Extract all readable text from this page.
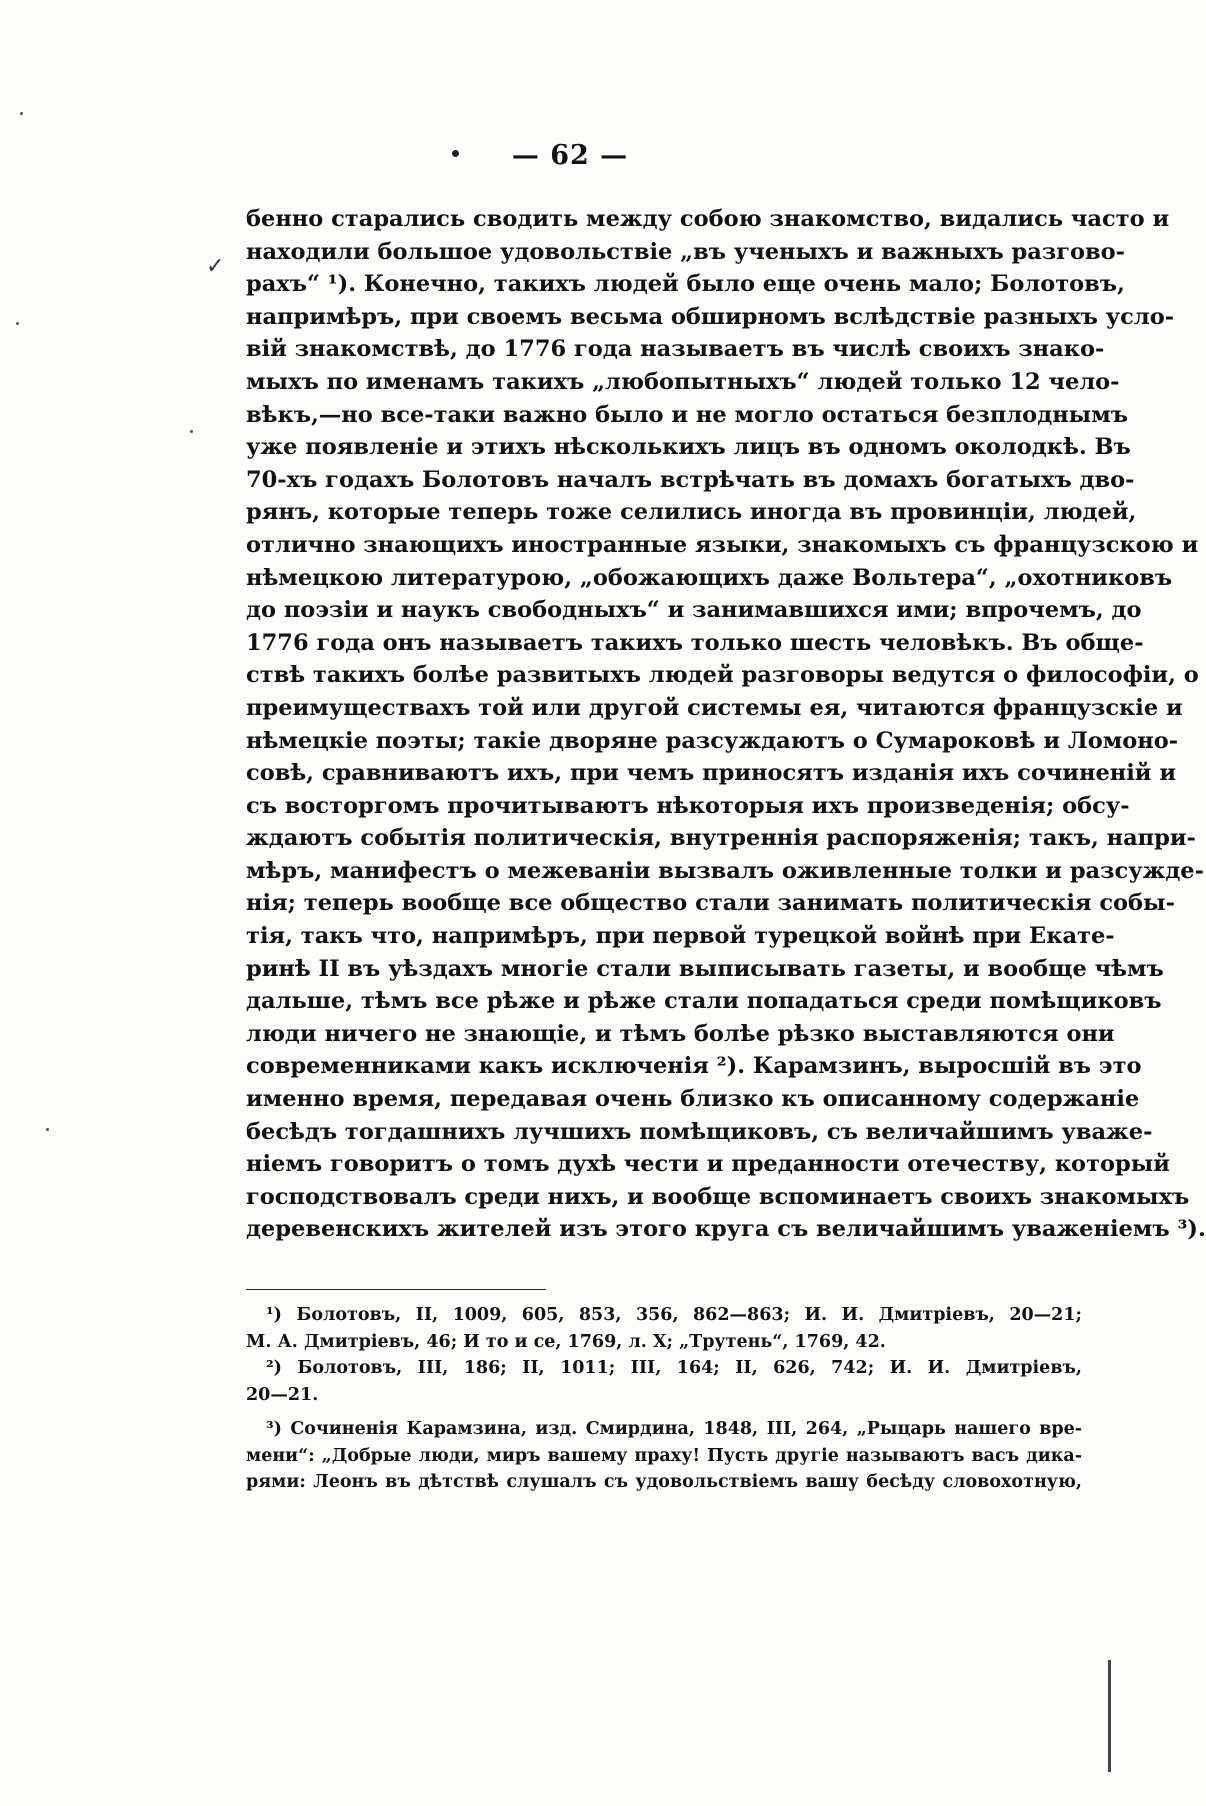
— 62 —
✓
бенно старались сводить между собою знакомство, видались часто и
находили большое удовольствіе „въ ученыхъ и важныхъ разгово-
рахъ“ ¹). Конечно, такихъ людей было еще очень мало; Болотовъ,
напримѣръ, при своемъ весьма обширномъ вслѣдствіе разныхъ усло-
вій знакомствѣ, до 1776 года называетъ въ числѣ своихъ знако-
мыхъ по именамъ такихъ „любопытныхъ“ людей только 12 чело-
вѣкъ,—но все-таки важно было и не могло остаться безплоднымъ
уже появленіе и этихъ нѣсколькихъ лицъ въ одномъ околодкѣ. Въ
70-хъ годахъ Болотовъ началъ встрѣчать въ домахъ богатыхъ дво-
рянъ, которые теперь тоже селились иногда въ провинціи, людей,
отлично знающихъ иностранные языки, знакомыхъ съ французскою и
нѣмецкою литературою, „обожающихъ даже Вольтера“, „охотниковъ
до поэзіи и наукъ свободныхъ“ и занимавшихся ими; впрочемъ, до
1776 года онъ называетъ такихъ только шесть человѣкъ. Въ обще-
ствѣ такихъ болѣе развитыхъ людей разговоры ведутся о философіи, о
преимуществахъ той или другой системы ея, читаются французскіе и
нѣмецкіе поэты; такіе дворяне разсуждаютъ о Сумароковѣ и Ломоно-
совѣ, сравниваютъ ихъ, при чемъ приносятъ изданія ихъ сочиненій и
съ восторгомъ прочитываютъ нѣкоторыя ихъ произведенія; обсу-
ждаютъ событія политическія, внутреннія распоряженія; такъ, напри-
мѣръ, манифестъ о межеваніи вызвалъ оживленные толки и разсужде-
нія; теперь вообще все общество стали занимать политическія собы-
тія, такъ что, напримѣръ, при первой турецкой войнѣ при Екате-
ринѣ II въ уѣздахъ многіе стали выписывать газеты, и вообще чѣмъ
дальше, тѣмъ все рѣже и рѣже стали попадаться среди помѣщиковъ
люди ничего не знающіе, и тѣмъ болѣе рѣзко выставляются они
современниками какъ исключенія ²). Карамзинъ, выросшій въ это
именно время, передавая очень близко къ описанному содержаніе
бесѣдъ тогдашнихъ лучшихъ помѣщиковъ, съ величайшимъ уваже-
ніемъ говоритъ о томъ духѣ чести и преданности отечеству, который
господствовалъ среди нихъ, и вообще вспоминаетъ своихъ знакомыхъ
деревенскихъ жителей изъ этого круга съ величайшимъ уваженіемъ ³).
¹) Болотовъ, II, 1009, 605, 853, 356, 862—863; И. И. Дмитріевъ, 20—21;
М. А. Дмитріевъ, 46; И то и се, 1769, л. X; „Трутень“, 1769, 42.
²) Болотовъ, III, 186; II, 1011; III, 164; II, 626, 742; И. И. Дмитріевъ,
20—21.
³) Сочиненія Карамзина, изд. Смирдина, 1848, III, 264, „Рыцарь нашего вре-
мени“: „Добрые люди, миръ вашему праху! Пусть другіе называютъ васъ дика-
рями: Леонъ въ дѣтствѣ слушалъ съ удовольствіемъ вашу бесѣду словохотную,
